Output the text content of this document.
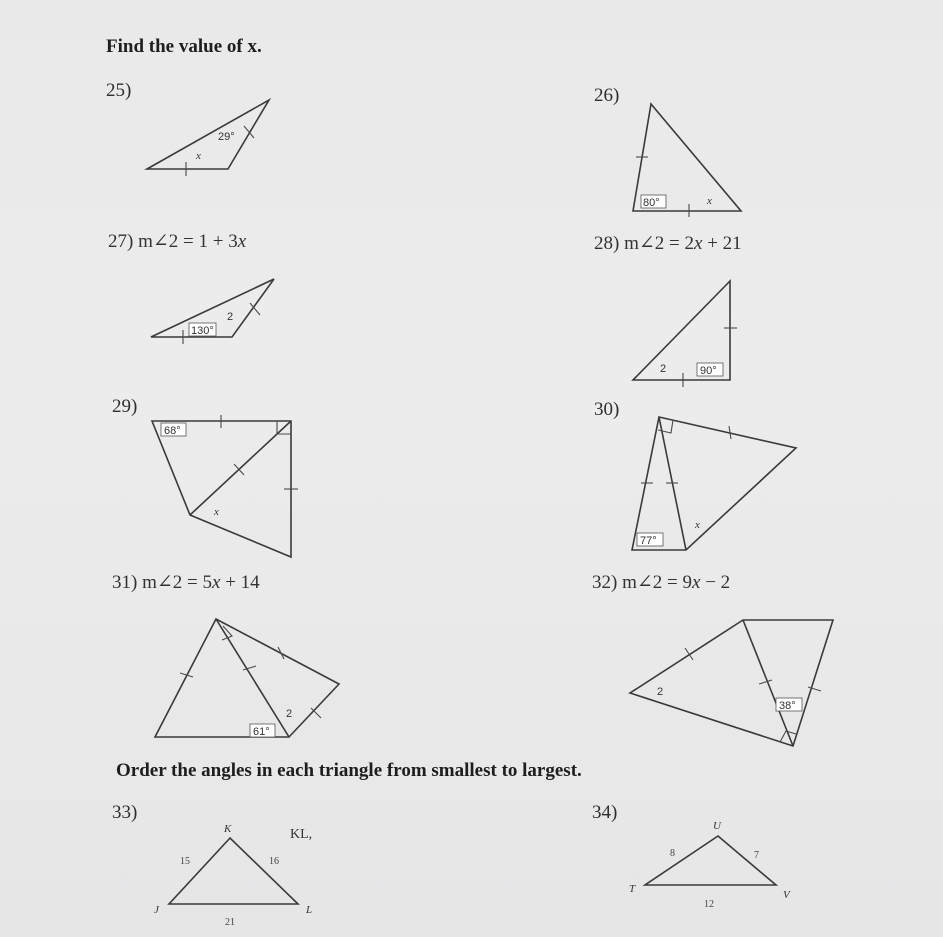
Find the value of x.
Order the angles in each triangle from smallest to largest.
25)	26)
27) m∠2 = 1 + 3x	28) m∠2 = 2x + 21
29)	30)
31) m∠2 = 5x + 14	32) m∠2 = 9x − 2
33)	34)
29°
x
80°	x
130°
2
90°
2
68°
x
77°
x
61°
2
38°
2
K
J	L
15	16
21
KL,
U
T	V
8	7
12
